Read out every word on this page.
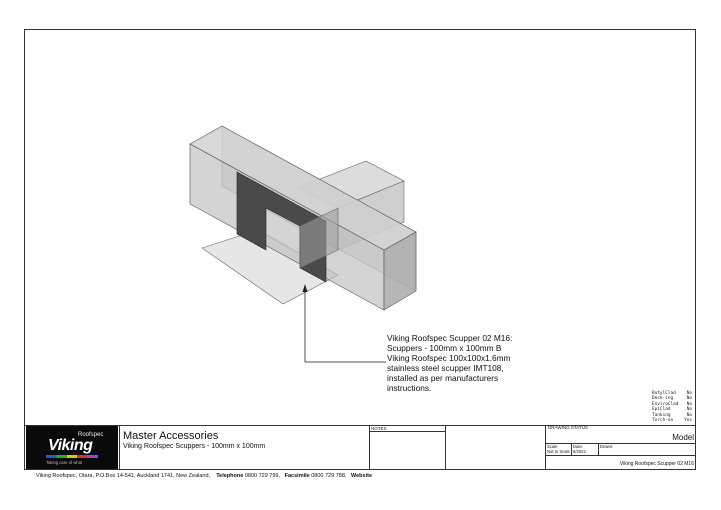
Viking Roofspec Scupper 02 M16:
Scuppers - 100mm x 100mm B
Viking Roofspec 100x100x1.6mm
stainless steel scupper IMT108,
installed as per manufacturers
instructions.
ButylClad No
Deck-ing	No
EnviroClad No
EpiClad	No
Tanking	No
Torch-on Yes
Roofspec
Viking
Taking care of what
Master Accessories
Viking Roofspec Scuppers - 100mm x 100mm
NOTES	DRAWING STATUS
Model
Scale
Not to Scale
Date:
6/2022
Drawn:
Viking Roofspec Scupper 02 M16
Viking Roofspec, Otara, P.O.Box 14-541, Auckland 1741, New Zealand, Telephone 0800 729 799, Facsimile 0800 729 788, Website
